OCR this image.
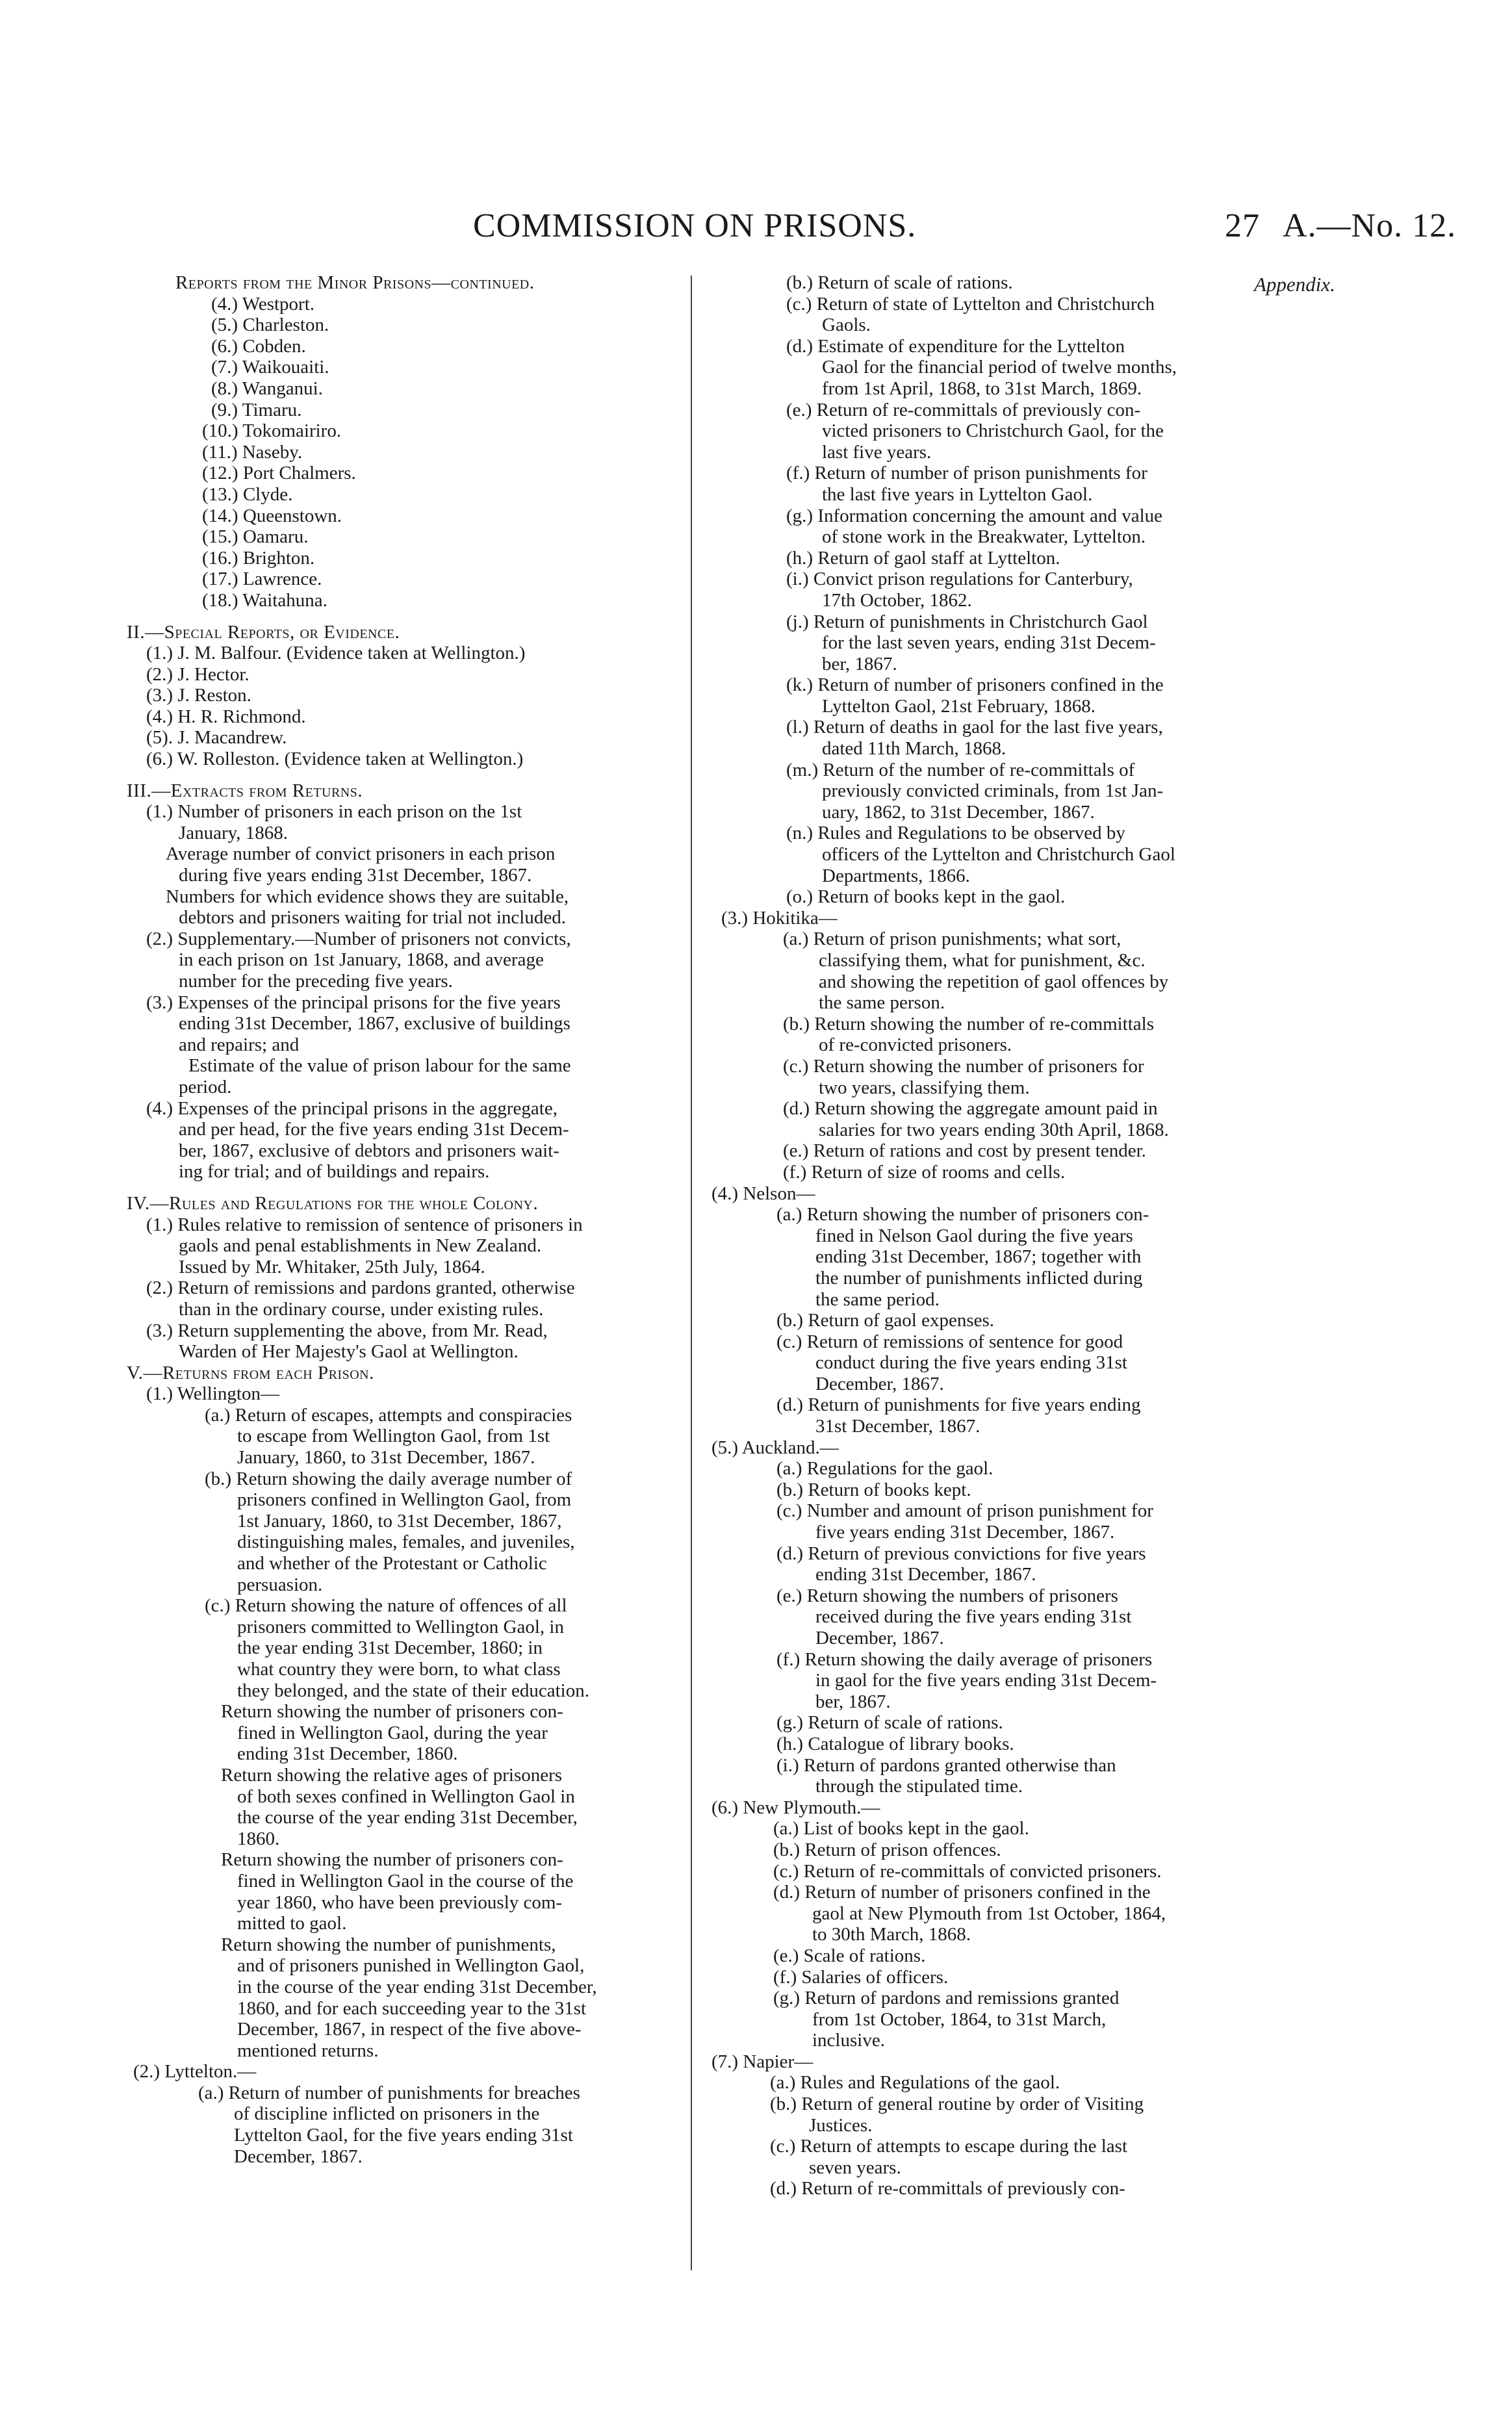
COMMISSION ON PRISONS.	27 A.—No. 12.
Appendix.
Reports from the Minor Prisons—continued.
(4.) Westport.
(5.) Charleston.
(6.) Cobden.
(7.) Waikouaiti.
(8.) Wanganui.
(9.) Timaru.
(10.) Tokomairiro.
(11.) Naseby.
(12.) Port Chalmers.
(13.) Clyde.
(14.) Queenstown.
(15.) Oamaru.
(16.) Brighton.
(17.) Lawrence.
(18.) Waitahuna.
II.—Special Reports, or Evidence.
(1.) J. M. Balfour. (Evidence taken at Wellington.)
(2.) J. Hector.
(3.) J. Reston.
(4.) H. R. Richmond.
(5). J. Macandrew.
(6.) W. Rolleston. (Evidence taken at Wellington.)
III.—Extracts from Returns.
(1.) Number of prisoners in each prison on the 1st
January, 1868.
Average number of convict prisoners in each prison
during five years ending 31st December, 1867.
Numbers for which evidence shows they are suitable,
debtors and prisoners waiting for trial not included.
(2.) Supplementary.—Number of prisoners not convicts,
in each prison on 1st January, 1868, and average
number for the preceding five years.
(3.) Expenses of the principal prisons for the five years
ending 31st December, 1867, exclusive of buildings
and repairs; and
Estimate of the value of prison labour for the same
period.
(4.) Expenses of the principal prisons in the aggregate,
and per head, for the five years ending 31st Decem-
ber, 1867, exclusive of debtors and prisoners wait-
ing for trial; and of buildings and repairs.
IV.—Rules and Regulations for the whole Colony.
(1.) Rules relative to remission of sentence of prisoners in
gaols and penal establishments in New Zealand.
Issued by Mr. Whitaker, 25th July, 1864.
(2.) Return of remissions and pardons granted, otherwise
than in the ordinary course, under existing rules.
(3.) Return supplementing the above, from Mr. Read,
Warden of Her Majesty's Gaol at Wellington.
V.—Returns from each Prison.
(1.) Wellington—
(a.) Return of escapes, attempts and conspiracies
to escape from Wellington Gaol, from 1st
January, 1860, to 31st December, 1867.
(b.) Return showing the daily average number of
prisoners confined in Wellington Gaol, from
1st January, 1860, to 31st December, 1867,
distinguishing males, females, and juveniles,
and whether of the Protestant or Catholic
persuasion.
(c.) Return showing the nature of offences of all
prisoners committed to Wellington Gaol, in
the year ending 31st December, 1860; in
what country they were born, to what class
they belonged, and the state of their education.
Return showing the number of prisoners con-
fined in Wellington Gaol, during the year
ending 31st December, 1860.
Return showing the relative ages of prisoners
of both sexes confined in Wellington Gaol in
the course of the year ending 31st December,
1860.
Return showing the number of prisoners con-
fined in Wellington Gaol in the course of the
year 1860, who have been previously com-
mitted to gaol.
Return showing the number of punishments,
and of prisoners punished in Wellington Gaol,
in the course of the year ending 31st December,
1860, and for each succeeding year to the 31st
December, 1867, in respect of the five above-
mentioned returns.
(2.) Lyttelton.—
(a.) Return of number of punishments for breaches
of discipline inflicted on prisoners in the
Lyttelton Gaol, for the five years ending 31st
December, 1867.
(b.) Return of scale of rations.
(c.) Return of state of Lyttelton and Christchurch
Gaols.
(d.) Estimate of expenditure for the Lyttelton
Gaol for the financial period of twelve months,
from 1st April, 1868, to 31st March, 1869.
(e.) Return of re-committals of previously con-
victed prisoners to Christchurch Gaol, for the
last five years.
(f.) Return of number of prison punishments for
the last five years in Lyttelton Gaol.
(g.) Information concerning the amount and value
of stone work in the Breakwater, Lyttelton.
(h.) Return of gaol staff at Lyttelton.
(i.) Convict prison regulations for Canterbury,
17th October, 1862.
(j.) Return of punishments in Christchurch Gaol
for the last seven years, ending 31st Decem-
ber, 1867.
(k.) Return of number of prisoners confined in the
Lyttelton Gaol, 21st February, 1868.
(l.) Return of deaths in gaol for the last five years,
dated 11th March, 1868.
(m.) Return of the number of re-committals of
previously convicted criminals, from 1st Jan-
uary, 1862, to 31st December, 1867.
(n.) Rules and Regulations to be observed by
officers of the Lyttelton and Christchurch Gaol
Departments, 1866.
(o.) Return of books kept in the gaol.
(3.) Hokitika—
(a.) Return of prison punishments; what sort,
classifying them, what for punishment, &c.
and showing the repetition of gaol offences by
the same person.
(b.) Return showing the number of re-committals
of re-convicted prisoners.
(c.) Return showing the number of prisoners for
two years, classifying them.
(d.) Return showing the aggregate amount paid in
salaries for two years ending 30th April, 1868.
(e.) Return of rations and cost by present tender.
(f.) Return of size of rooms and cells.
(4.) Nelson—
(a.) Return showing the number of prisoners con-
fined in Nelson Gaol during the five years
ending 31st December, 1867; together with
the number of punishments inflicted during
the same period.
(b.) Return of gaol expenses.
(c.) Return of remissions of sentence for good
conduct during the five years ending 31st
December, 1867.
(d.) Return of punishments for five years ending
31st December, 1867.
(5.) Auckland.—
(a.) Regulations for the gaol.
(b.) Return of books kept.
(c.) Number and amount of prison punishment for
five years ending 31st December, 1867.
(d.) Return of previous convictions for five years
ending 31st December, 1867.
(e.) Return showing the numbers of prisoners
received during the five years ending 31st
December, 1867.
(f.) Return showing the daily average of prisoners
in gaol for the five years ending 31st Decem-
ber, 1867.
(g.) Return of scale of rations.
(h.) Catalogue of library books.
(i.) Return of pardons granted otherwise than
through the stipulated time.
(6.) New Plymouth.—
(a.) List of books kept in the gaol.
(b.) Return of prison offences.
(c.) Return of re-committals of convicted prisoners.
(d.) Return of number of prisoners confined in the
gaol at New Plymouth from 1st October, 1864,
to 30th March, 1868.
(e.) Scale of rations.
(f.) Salaries of officers.
(g.) Return of pardons and remissions granted
from 1st October, 1864, to 31st March,
inclusive.
(7.) Napier—
(a.) Rules and Regulations of the gaol.
(b.) Return of general routine by order of Visiting
Justices.
(c.) Return of attempts to escape during the last
seven years.
(d.) Return of re-committals of previously con-
